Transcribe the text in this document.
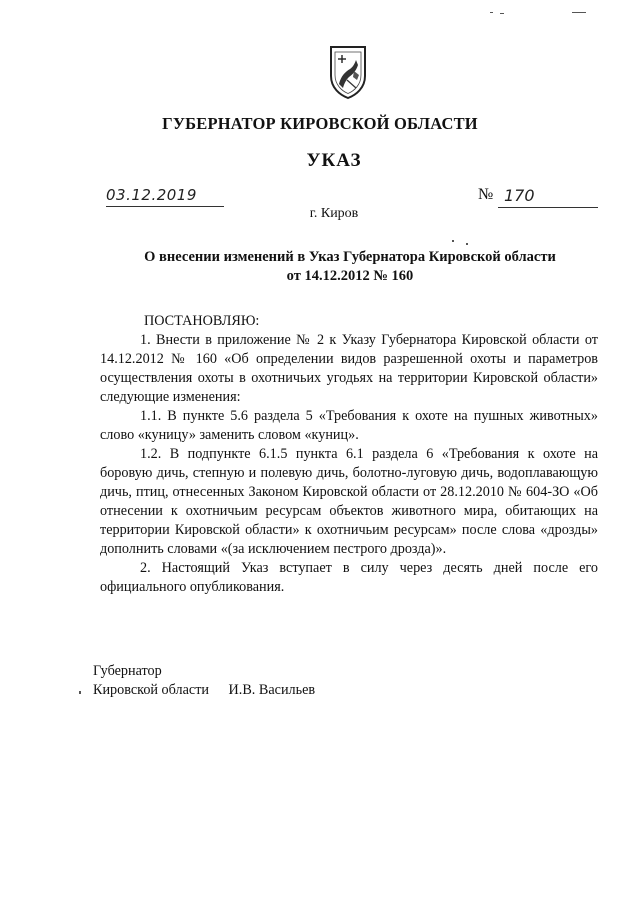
ГУБЕРНАТОР КИРОВСКОЙ ОБЛАСТИ
УКАЗ
03.12.2019	№ 170
г. Киров
О внесении изменений в Указ Губернатора Кировской области
от 14.12.2012 № 160

ПОСТАНОВЛЯЮ:

1. Внести в приложение № 2 к Указу Губернатора Кировской области от 14.12.2012 № 160 «Об определении видов разрешенной охоты и параметров осуществления охоты в охотничьих угодьях на территории Кировской области» следующие изменения:

1.1. В пункте 5.6 раздела 5 «Требования к охоте на пушных животных» слово «куницу» заменить словом «куниц».

1.2. В подпункте 6.1.5 пункта 6.1 раздела 6 «Требования к охоте на боровую дичь, степную и полевую дичь, болотно-луговую дичь, водоплавающую дичь, птиц, отнесенных Законом Кировской области от 28.12.2010 № 604-ЗО «Об отнесении к охотничьим ресурсам объектов животного мира, обитающих на территории Кировской области» к охотничьим ресурсам» после слова «дрозды» дополнить словами «(за исключением пестрого дрозда)».

2. Настоящий Указ вступает в силу через десять дней после его официального опубликования.

Губернатор
Кировской области И.В. Васильев
